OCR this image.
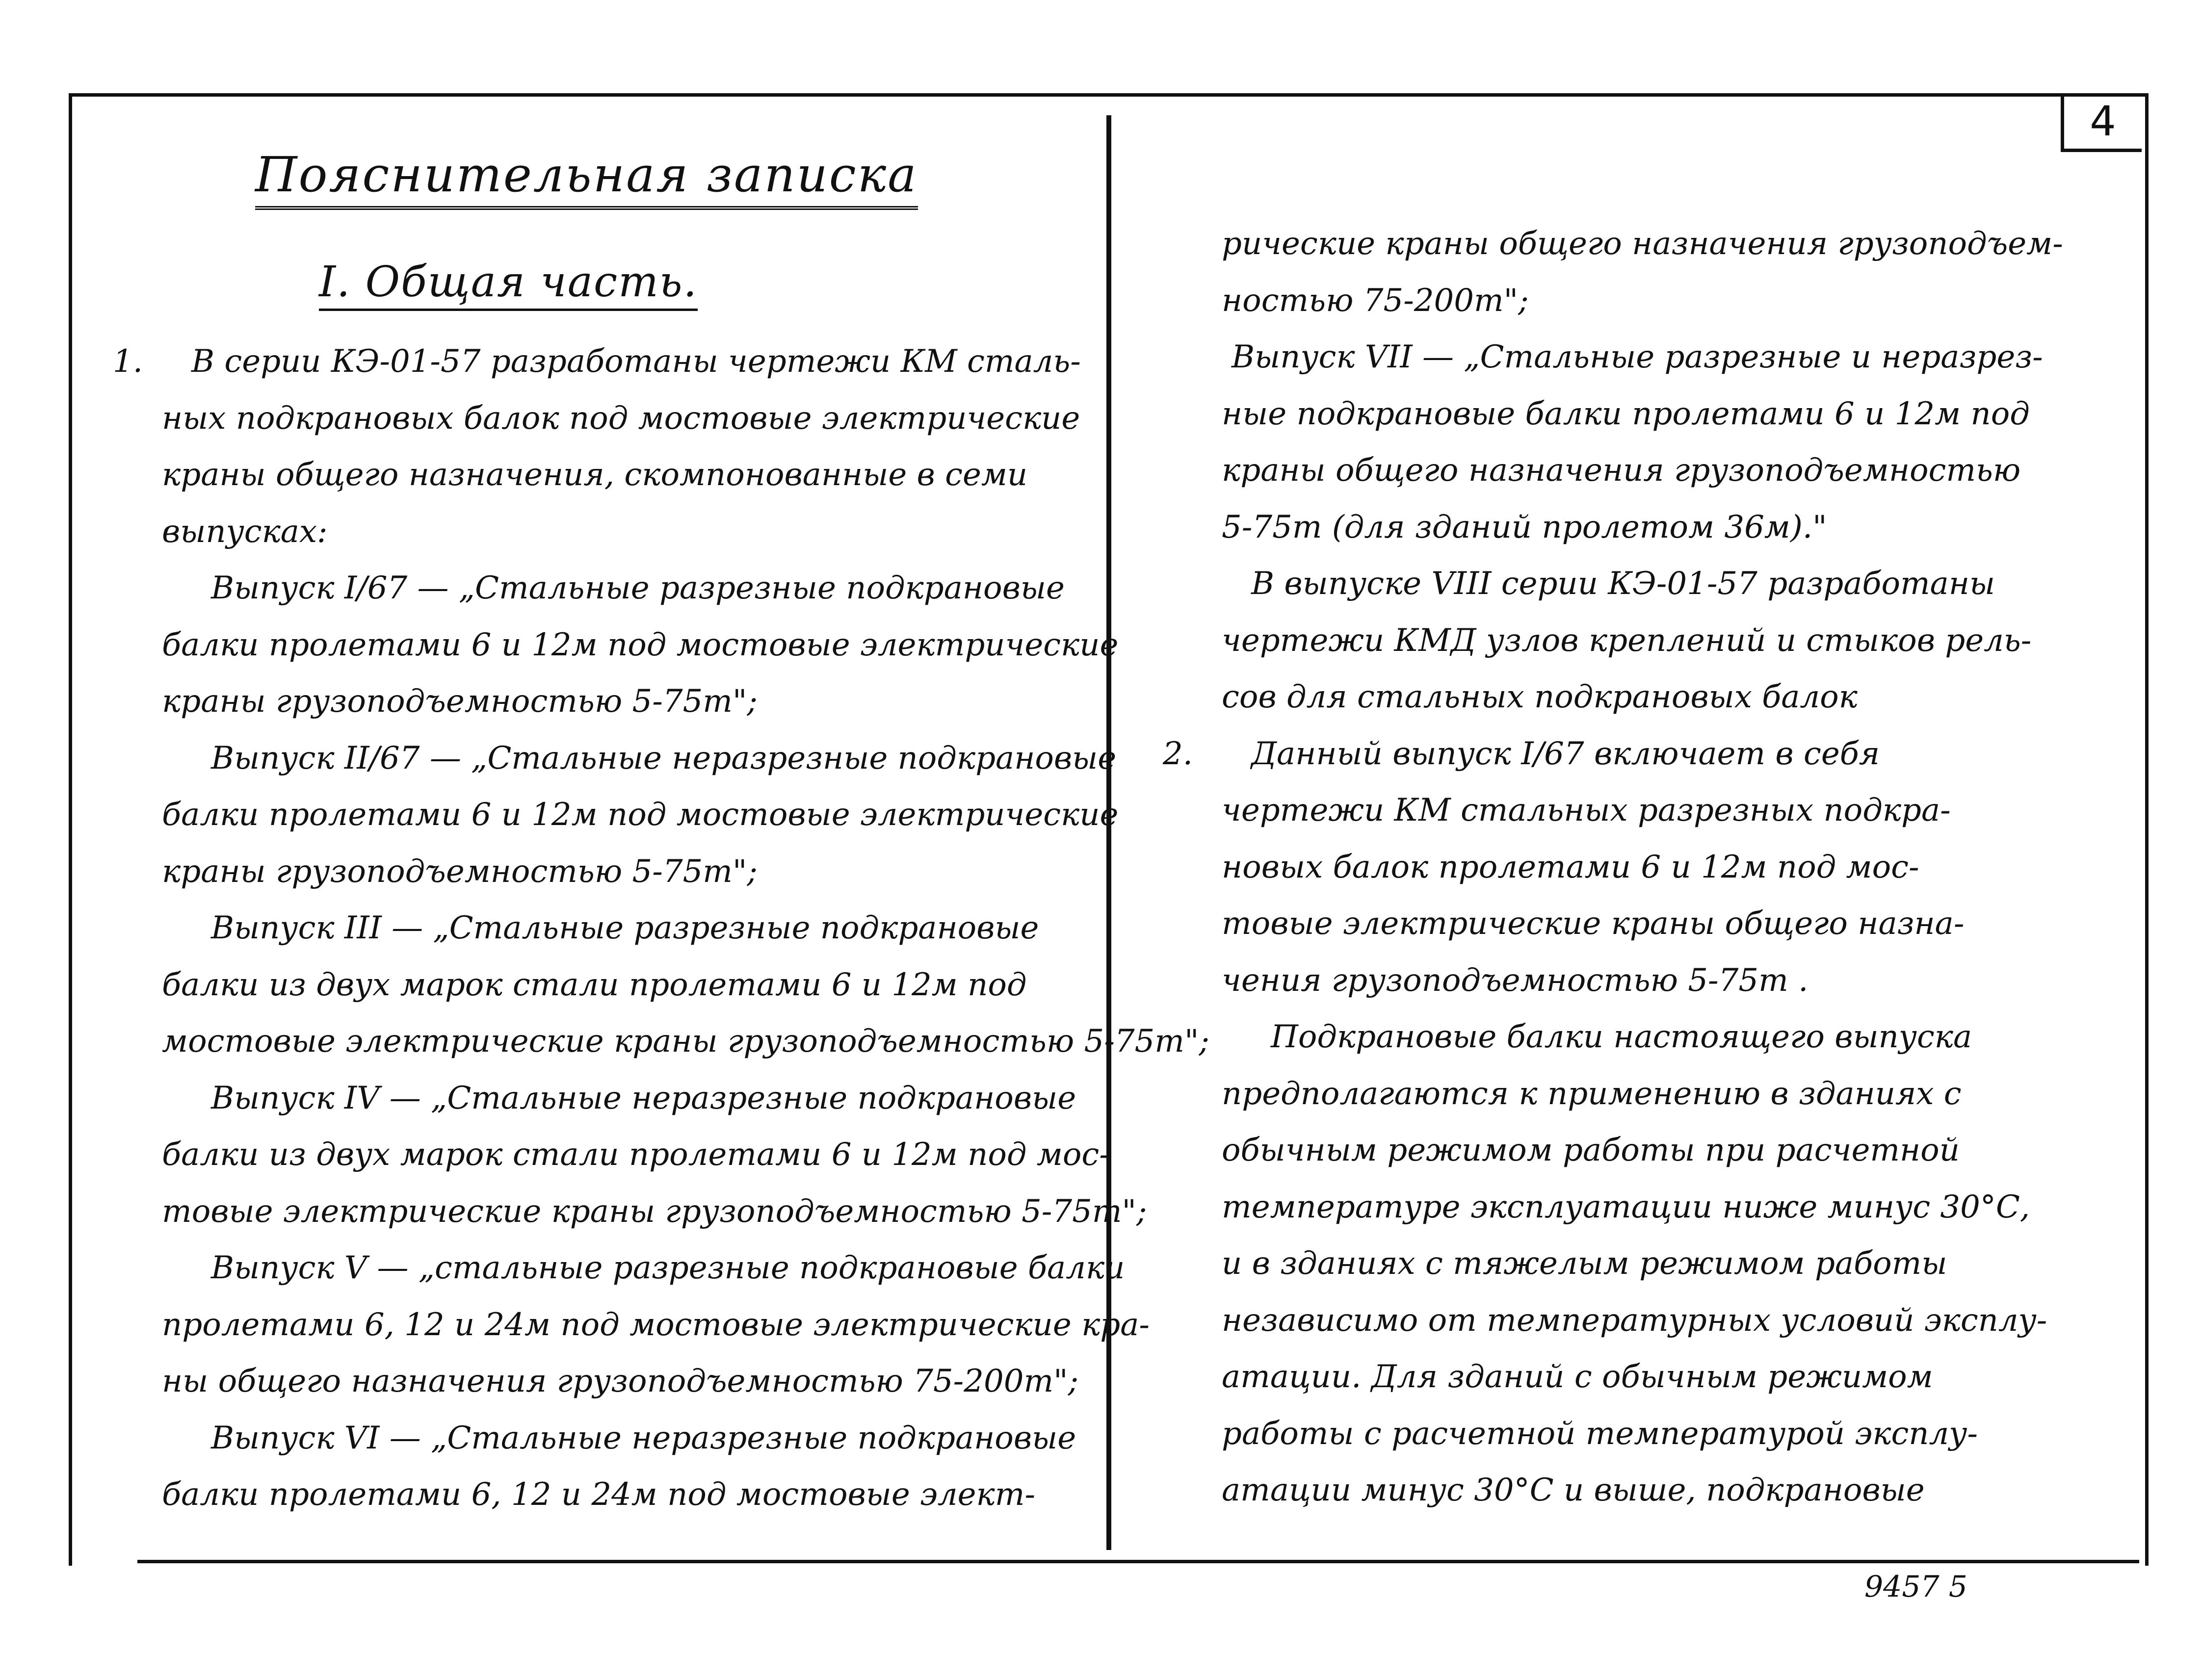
4
Пояснительная записка
I. Общая часть.
1. В серии КЭ-01-57 разработаны чертежи КМ сталь-
ных подкрановых балок под мостовые электрические
краны общего назначения, скомпонованные в семи
выпусках:
Выпуск I/67 — „Стальные разрезные подкрановые
балки пролетами 6 и 12м под мостовые электрические
краны грузоподъемностью 5-75т";
Выпуск II/67 — „Стальные неразрезные подкрановые
балки пролетами 6 и 12м под мостовые электрические
краны грузоподъемностью 5-75т";
Выпуск III — „Стальные разрезные подкрановые
балки из двух марок стали пролетами 6 и 12м под
мостовые электрические краны грузоподъемностью 5-75т";
Выпуск IV — „Стальные неразрезные подкрановые
балки из двух марок стали пролетами 6 и 12м под мос-
товые электрические краны грузоподъемностью 5-75т";
Выпуск V — „стальные разрезные подкрановые балки
пролетами 6, 12 и 24м под мостовые электрические кра-
ны общего назначения грузоподъемностью 75-200т";
Выпуск VI — „Стальные неразрезные подкрановые
балки пролетами 6, 12 и 24м под мостовые элект-
рические краны общего назначения грузоподъем-
ностью 75-200т";
Выпуск VII — „Стальные разрезные и неразрез-
ные подкрановые балки пролетами 6 и 12м под
краны общего назначения грузоподъемностью
5-75т (для зданий пролетом 36м)."
В выпуске VIII серии КЭ-01-57 разработаны
чертежи КМД узлов креплений и стыков рель-
сов для стальных подкрановых балок
2. Данный выпуск I/67 включает в себя
чертежи КМ стальных разрезных подкра-
новых балок пролетами 6 и 12м под мос-
товые электрические краны общего назна-
чения грузоподъемностью 5-75т .
Подкрановые балки настоящего выпуска
предполагаются к применению в зданиях с
обычным режимом работы при расчетной
температуре эксплуатации ниже минус 30°С,
и в зданиях с тяжелым режимом работы
независимо от температурных условий эксплу-
атации. Для зданий с обычным режимом
работы с расчетной температурой эксплу-
атации минус 30°С и выше, подкрановые
9457 5
